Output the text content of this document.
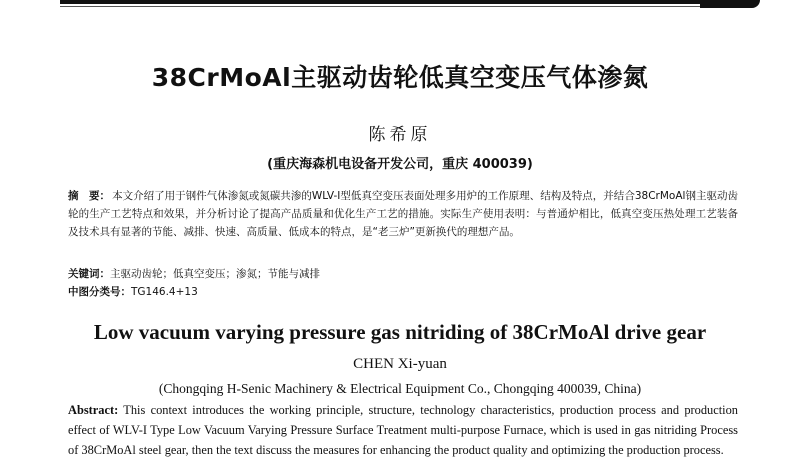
38CrMoAl主驱动齿轮低真空变压气体渗氮
陈希原
(重庆海森机电设备开发公司，重庆 400039)
摘　要： 本文介绍了用于钢件气体渗氮或氮碳共渗的WLV-Ⅰ型低真空变压表面处理多用炉的工作原理、结构及特点，并结合38CrMoAl钢主驱动齿轮的生产工艺特点和效果，并分析讨论了提高产品质量和优化生产工艺的措施。实际生产使用表明：与普通炉相比，低真空变压热处理工艺装备及技术具有显著的节能、减排、快速、高质量、低成本的特点，是“老三炉”更新换代的理想产品。
关键词：主驱动齿轮；低真空变压；渗氮；节能与减排
中图分类号：TG146.4+13
Low vacuum varying pressure gas nitriding of 38CrMoAl drive gear
CHEN Xi-yuan
(Chongqing H-Senic Machinery & Electrical Equipment Co., Chongqing 400039, China)
Abstract: This context introduces the working principle, structure, technology characteristics, production process and production effect of WLV-I Type Low Vacuum Varying Pressure Surface Treatment multi-purpose Furnace, which is used in gas nitriding Process of 38CrMoAl steel gear, then the text discuss the measures for enhancing the product quality and optimizing the production process.
